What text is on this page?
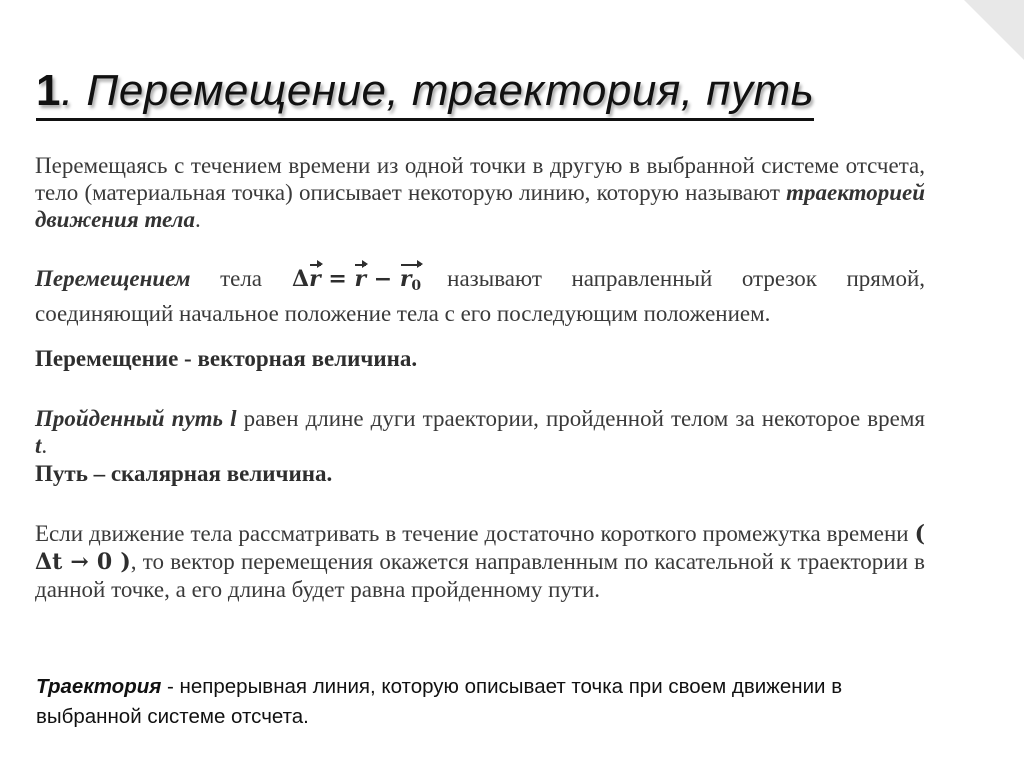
1. Перемещение, траектория, путь

Перемещаясь с течением времени из одной точки в другую в выбранной системе отсчета, тело (материальная точка) описывает некоторую линию, которую называют траекторией движения тела.

Перемещением тела $\Delta r = r - r_0$ называют направленный отрезок прямой, соединяющий начальное положение тела с его последующим положением.

Перемещение - векторная величина.

Пройденный путь l равен длине дуги траектории, пройденной телом за некоторое время t.

Путь – скалярная величина.

Если движение тела рассматривать в течение достаточно короткого промежутка времени ( Δt → 0 ), то вектор перемещения окажется направленным по касательной к траектории в данной точке, а его длина будет равна пройденному пути.

Траектория - непрерывная линия, которую описывает точка при своем движении в выбранной системе отсчета.
